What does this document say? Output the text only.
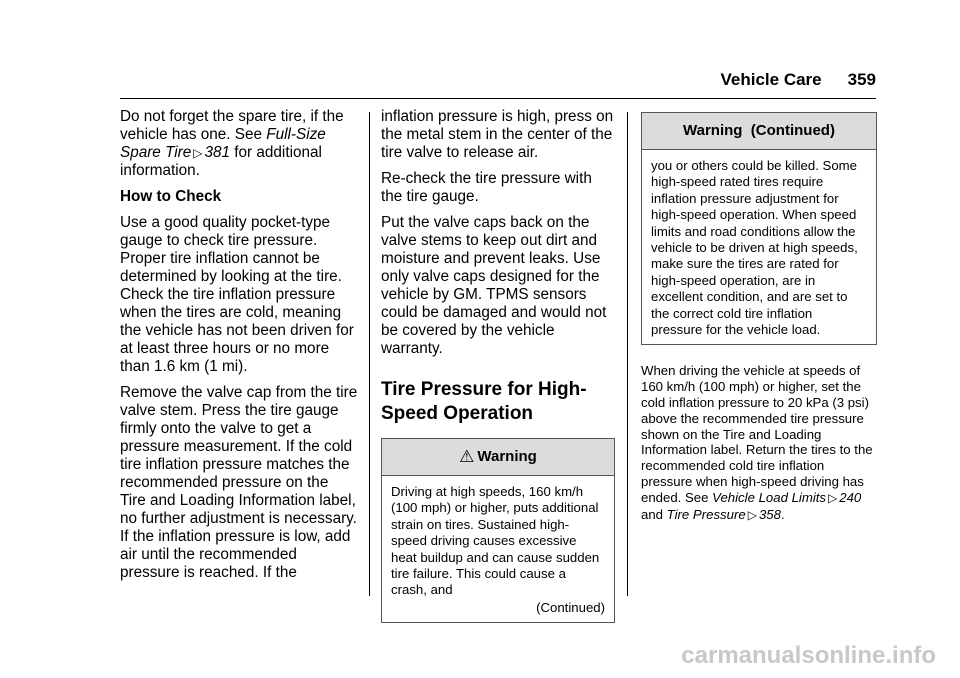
Vehicle Care 359

Do not forget the spare tire, if the vehicle has one. See Full-Size Spare Tire ▷ 381 for additional information.

How to Check

Use a good quality pocket-type gauge to check tire pressure. Proper tire inflation cannot be determined by looking at the tire. Check the tire inflation pressure when the tires are cold, meaning the vehicle has not been driven for at least three hours or no more than 1.6 km (1 mi).

Remove the valve cap from the tire valve stem. Press the tire gauge firmly onto the valve to get a pressure measurement. If the cold tire inflation pressure matches the recommended pressure on the Tire and Loading Information label, no further adjustment is necessary. If the inflation pressure is low, add air until the recommended pressure is reached. If the

inflation pressure is high, press on the metal stem in the center of the tire valve to release air.

Re-check the tire pressure with the tire gauge.

Put the valve caps back on the valve stems to keep out dirt and moisture and prevent leaks. Use only valve caps designed for the vehicle by GM. TPMS sensors could be damaged and would not be covered by the vehicle warranty.

Tire Pressure for High-Speed Operation
⚠ Warning
Driving at high speeds, 160 km/h (100 mph) or higher, puts additional strain on tires. Sustained high-speed driving causes excessive heat buildup and can cause sudden tire failure. This could cause a crash, and
(Continued)
Warning  (Continued)
you or others could be killed. Some high-speed rated tires require inflation pressure adjustment for high-speed operation. When speed limits and road conditions allow the vehicle to be driven at high speeds, make sure the tires are rated for high-speed operation, are in excellent condition, and are set to the correct cold tire inflation pressure for the vehicle load.

When driving the vehicle at speeds of 160 km/h (100 mph) or higher, set the cold inflation pressure to 20 kPa (3 psi) above the recommended tire pressure shown on the Tire and Loading Information label. Return the tires to the recommended cold tire inflation pressure when high-speed driving has ended. See Vehicle Load Limits ▷ 240 and Tire Pressure ▷ 358.

carmanualsonline.info
